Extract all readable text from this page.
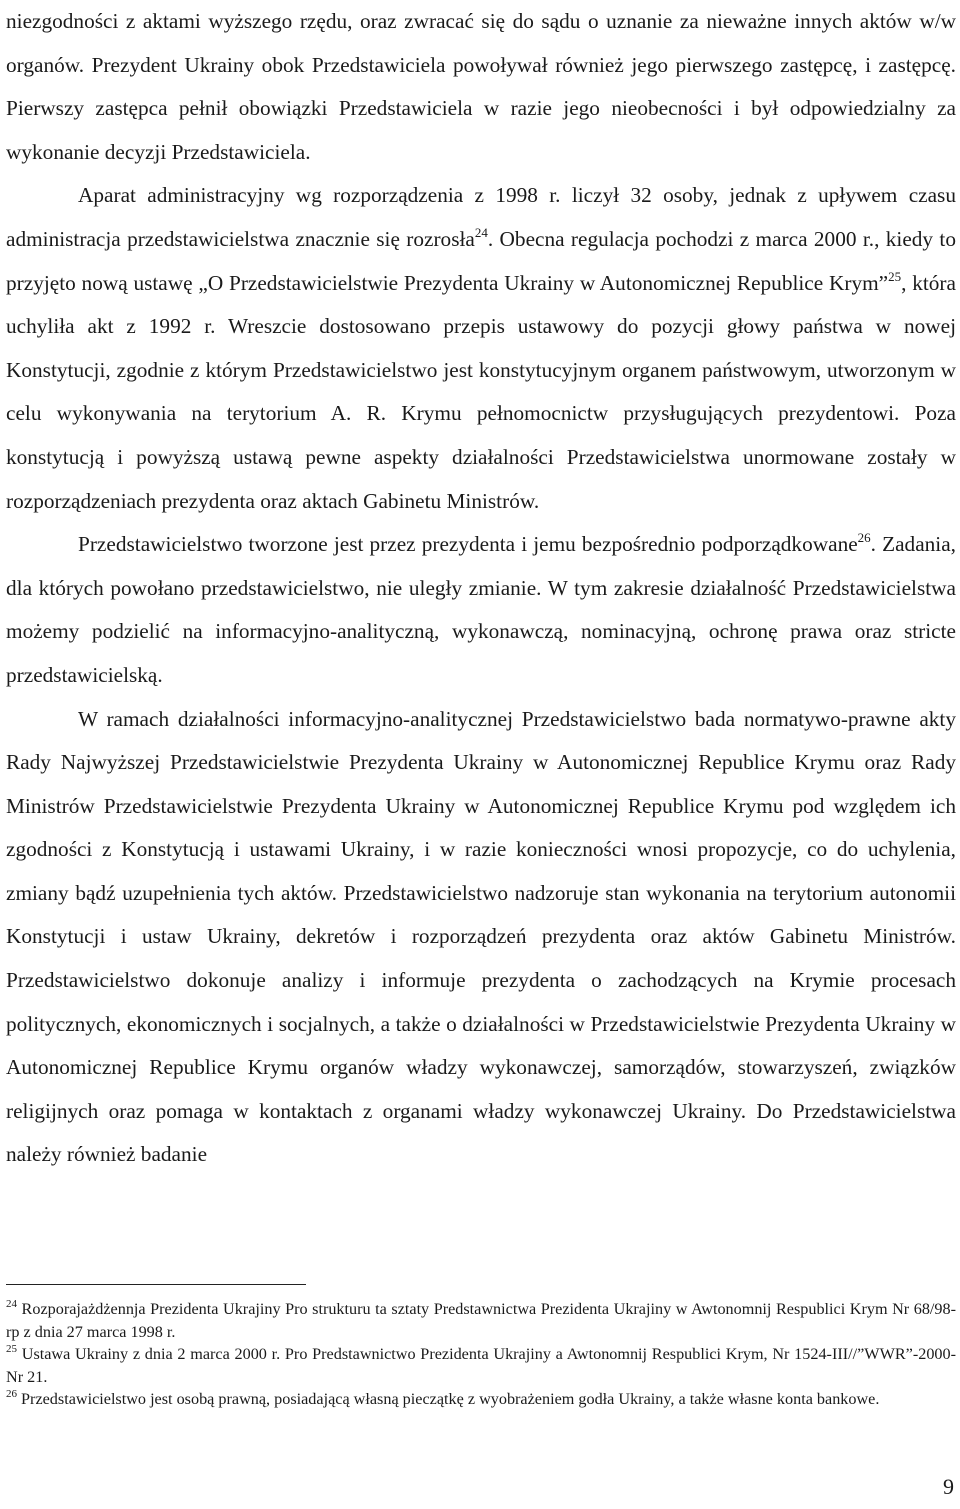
niezgodności z aktami wyższego rzędu, oraz zwracać się do sądu o uznanie za nieważne innych aktów w/w organów. Prezydent Ukrainy obok Przedstawiciela powoływał również jego pierwszego zastępcę, i zastępcę. Pierwszy zastępca pełnił obowiązki Przedstawiciela w razie jego nieobecności i był odpowiedzialny za wykonanie decyzji Przedstawiciela.

Aparat administracyjny wg rozporządzenia z 1998 r. liczył 32 osoby, jednak z upływem czasu administracja przedstawicielstwa znacznie się rozrosła$^{24}$. Obecna regulacja pochodzi z marca 2000 r., kiedy to przyjęto nową ustawę „O Przedstawicielstwie Prezydenta Ukrainy w Autonomicznej Republice Krym”$^{25}$, która uchyliła akt z 1992 r. Wreszcie dostosowano przepis ustawowy do pozycji głowy państwa w nowej Konstytucji, zgodnie z którym Przedstawicielstwo jest konstytucyjnym organem państwowym, utworzonym w celu wykonywania na terytorium A. R. Krymu pełnomocnictw przysługujących prezydentowi. Poza konstytucją i powyższą ustawą pewne aspekty działalności Przedstawicielstwa unormowane zostały w rozporządzeniach prezydenta oraz aktach Gabinetu Ministrów.

Przedstawicielstwo tworzone jest przez prezydenta i jemu bezpośrednio podporządkowane$^{26}$. Zadania, dla których powołano przedstawicielstwo, nie uległy zmianie. W tym zakresie działalność Przedstawicielstwa możemy podzielić na informacyjno-analityczną, wykonawczą, nominacyjną, ochronę prawa oraz stricte przedstawicielską.

W ramach działalności informacyjno-analitycznej Przedstawicielstwo bada normatywo-prawne akty Rady Najwyższej Przedstawicielstwie Prezydenta Ukrainy w Autonomicznej Republice Krymu oraz Rady Ministrów Przedstawicielstwie Prezydenta Ukrainy w Autonomicznej Republice Krymu pod względem ich zgodności z Konstytucją i ustawami Ukrainy, i w razie konieczności wnosi propozycje, co do uchylenia, zmiany bądź uzupełnienia tych aktów. Przedstawicielstwo nadzoruje stan wykonania na terytorium autonomii Konstytucji i ustaw Ukrainy, dekretów i rozporządzeń prezydenta oraz aktów Gabinetu Ministrów. Przedstawicielstwo dokonuje analizy i informuje prezydenta o zachodzących na Krymie procesach politycznych, ekonomicznych i socjalnych, a także o działalności w Przedstawicielstwie Prezydenta Ukrainy w Autonomicznej Republice Krymu organów władzy wykonawczej, samorządów, stowarzyszeń, związków religijnych oraz pomaga w kontaktach z organami władzy wykonawczej Ukrainy. Do Przedstawicielstwa należy również badanie

$^{24}$ Rozporajażdżennja Prezidenta Ukrajiny Pro strukturu ta sztaty Predstawnictwa Prezidenta Ukrajiny w Awtonomnij Respublici Krym Nr 68/98-rp z dnia 27 marca 1998 r.

$^{25}$ Ustawa Ukrainy z dnia 2 marca 2000 r. Pro Predstawnictwo Prezidenta Ukrajiny a Awtonomnij Respublici Krym, Nr 1524-III//”WWR”-2000-Nr 21.

$^{26}$ Przedstawicielstwo jest osobą prawną, posiadającą własną pieczątkę z wyobrażeniem godła Ukrainy, a także własne konta bankowe.

9
